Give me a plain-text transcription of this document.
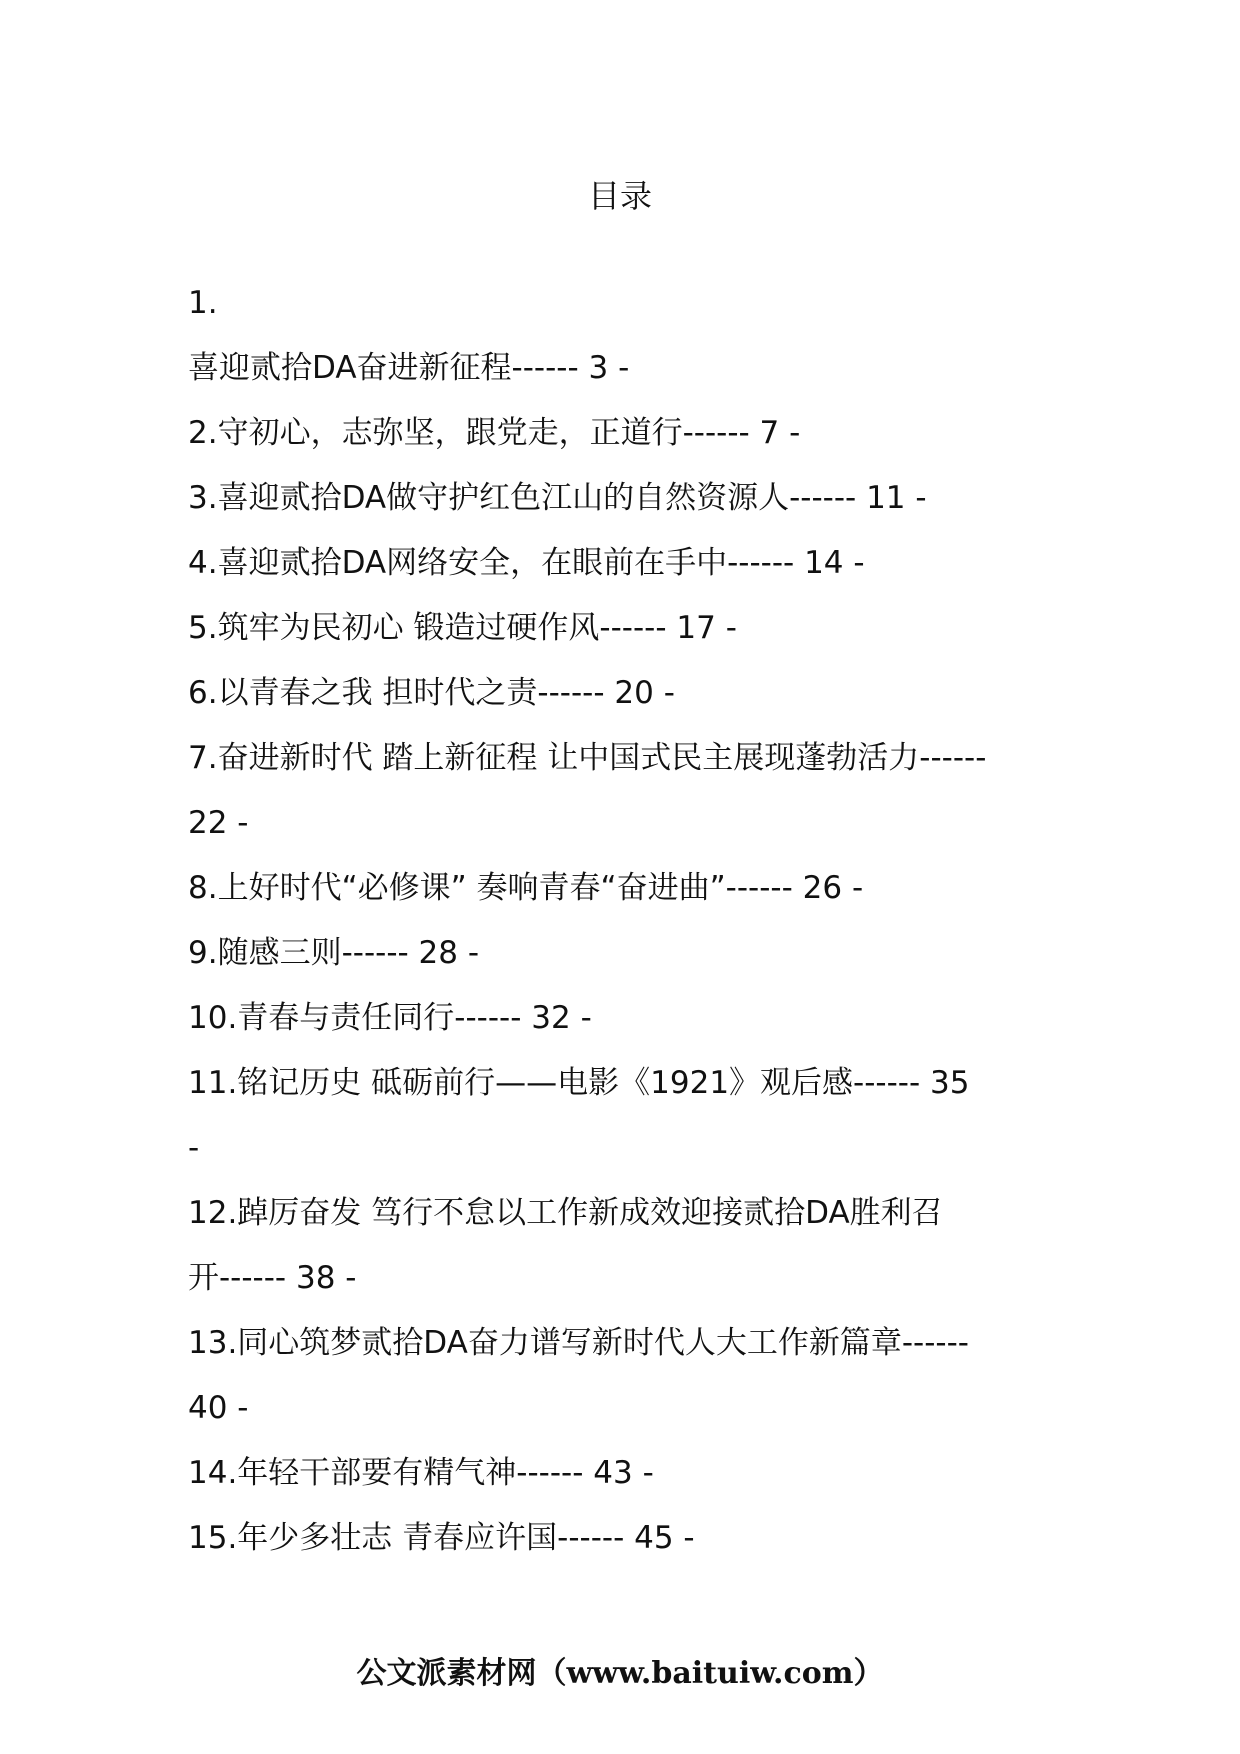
目录
1.
喜迎贰拾DA奋进新征程------ 3 -
2.守初心，志弥坚，跟党走，正道行------ 7 -
3.喜迎贰拾DA做守护红色江山的自然资源人------ 11 -
4.喜迎贰拾DA网络安全，在眼前在手中------ 14 -
5.筑牢为民初心 锻造过硬作风------ 17 -
6.以青春之我 担时代之责------ 20 -
7.奋进新时代 踏上新征程 让中国式民主展现蓬勃活力------
22 -
8.上好时代“必修课” 奏响青春“奋进曲”------ 26 -
9.随感三则------ 28 -
10.青春与责任同行------ 32 -
11.铭记历史 砥砺前行——电影《1921》观后感------ 35
-
12.踔厉奋发 笃行不怠以工作新成效迎接贰拾DA胜利召
开------ 38 -
13.同心筑梦贰拾DA奋力谱写新时代人大工作新篇章------
40 -
14.年轻干部要有精气神------ 43 -
15.年少多壮志 青春应许国------ 45 -
公文派素材网（www.baituiw.com）
